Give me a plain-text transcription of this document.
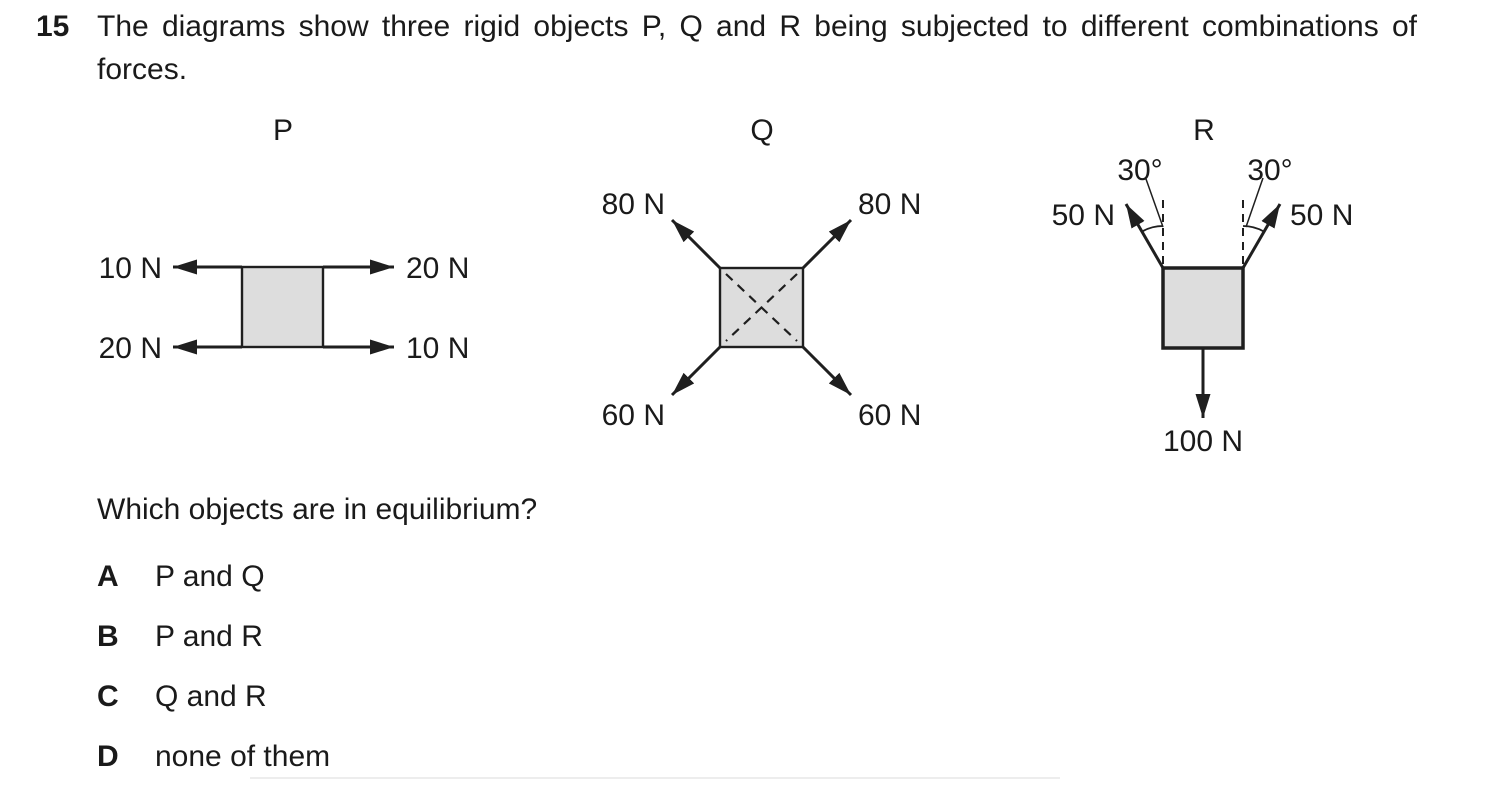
15 The diagrams show three rigid objects P, Q and R being subjected to different combinations of
forces.
P
10 N	20 N
20 N	10 N
Q
80 N	80 N
60 N	60 N
R
30°	30°
50 N	50 N
100 N
Which objects are in equilibrium?
A	P and Q
B	P and R
C	Q and R
D	none of them
